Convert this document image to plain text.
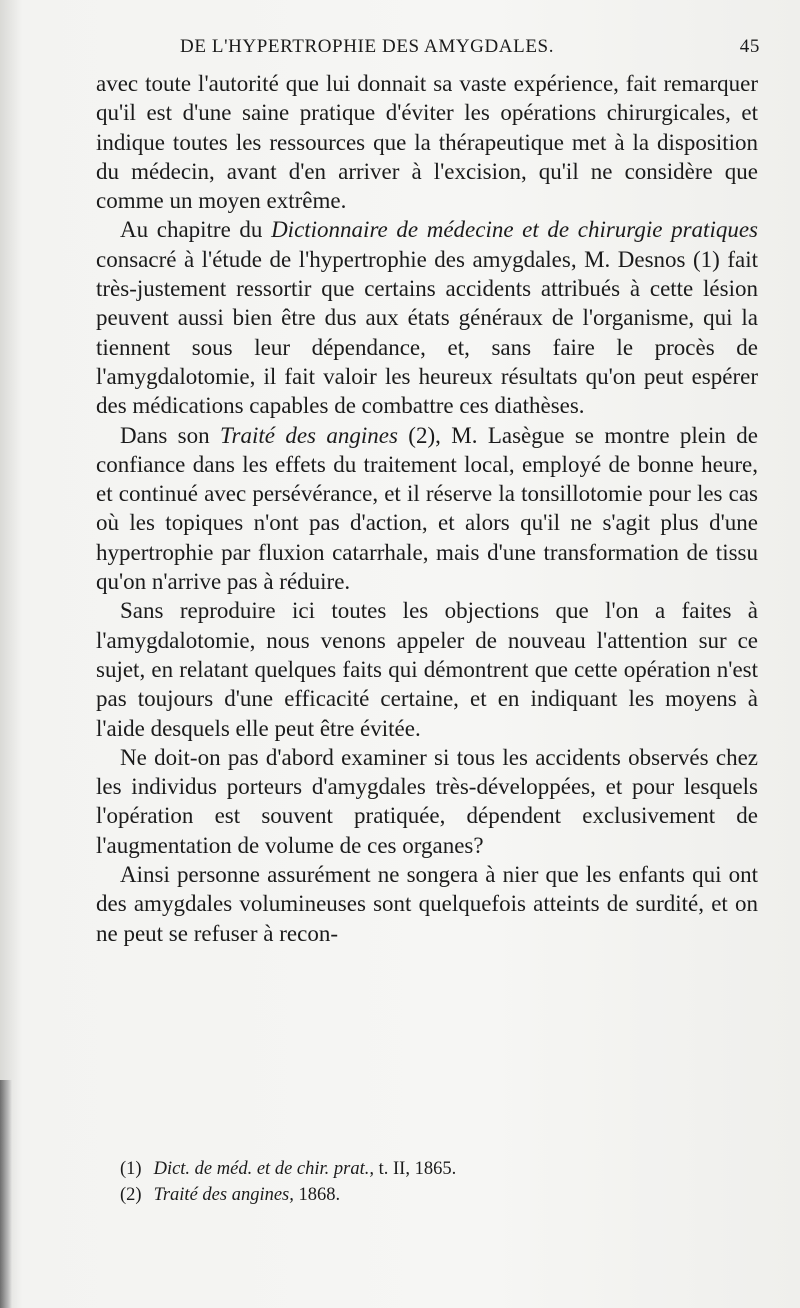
DE L'HYPERTROPHIE DES AMYGDALES.	45

avec toute l'autorité que lui donnait sa vaste expérience, fait remarquer qu'il est d'une saine pratique d'éviter les opérations chirurgicales, et indique toutes les ressources que la thérapeutique met à la disposition du médecin, avant d'en arriver à l'excision, qu'il ne considère que comme un moyen extrême.

Au chapitre du Dictionnaire de médecine et de chirurgie pratiques consacré à l'étude de l'hypertrophie des amygdales, M. Desnos (1) fait très-justement ressortir que certains accidents attribués à cette lésion peuvent aussi bien être dus aux états généraux de l'organisme, qui la tiennent sous leur dépendance, et, sans faire le procès de l'amygdalotomie, il fait valoir les heureux résultats qu'on peut espérer des médications capables de combattre ces diathèses.

Dans son Traité des angines (2), M. Lasègue se montre plein de confiance dans les effets du traitement local, employé de bonne heure, et continué avec persévérance, et il réserve la tonsillotomie pour les cas où les topiques n'ont pas d'action, et alors qu'il ne s'agit plus d'une hypertrophie par fluxion catarrhale, mais d'une transformation de tissu qu'on n'arrive pas à réduire.

Sans reproduire ici toutes les objections que l'on a faites à l'amygdalotomie, nous venons appeler de nouveau l'attention sur ce sujet, en relatant quelques faits qui démontrent que cette opération n'est pas toujours d'une efficacité certaine, et en indiquant les moyens à l'aide desquels elle peut être évitée.

Ne doit-on pas d'abord examiner si tous les accidents observés chez les individus porteurs d'amygdales très-développées, et pour lesquels l'opération est souvent pratiquée, dépendent exclusivement de l'augmentation de volume de ces organes?

Ainsi personne assurément ne songera à nier que les enfants qui ont des amygdales volumineuses sont quelquefois atteints de surdité, et on ne peut se refuser à recon-

(1) Dict. de méd. et de chir. prat., t. II, 1865.

(2) Traité des angines, 1868.
